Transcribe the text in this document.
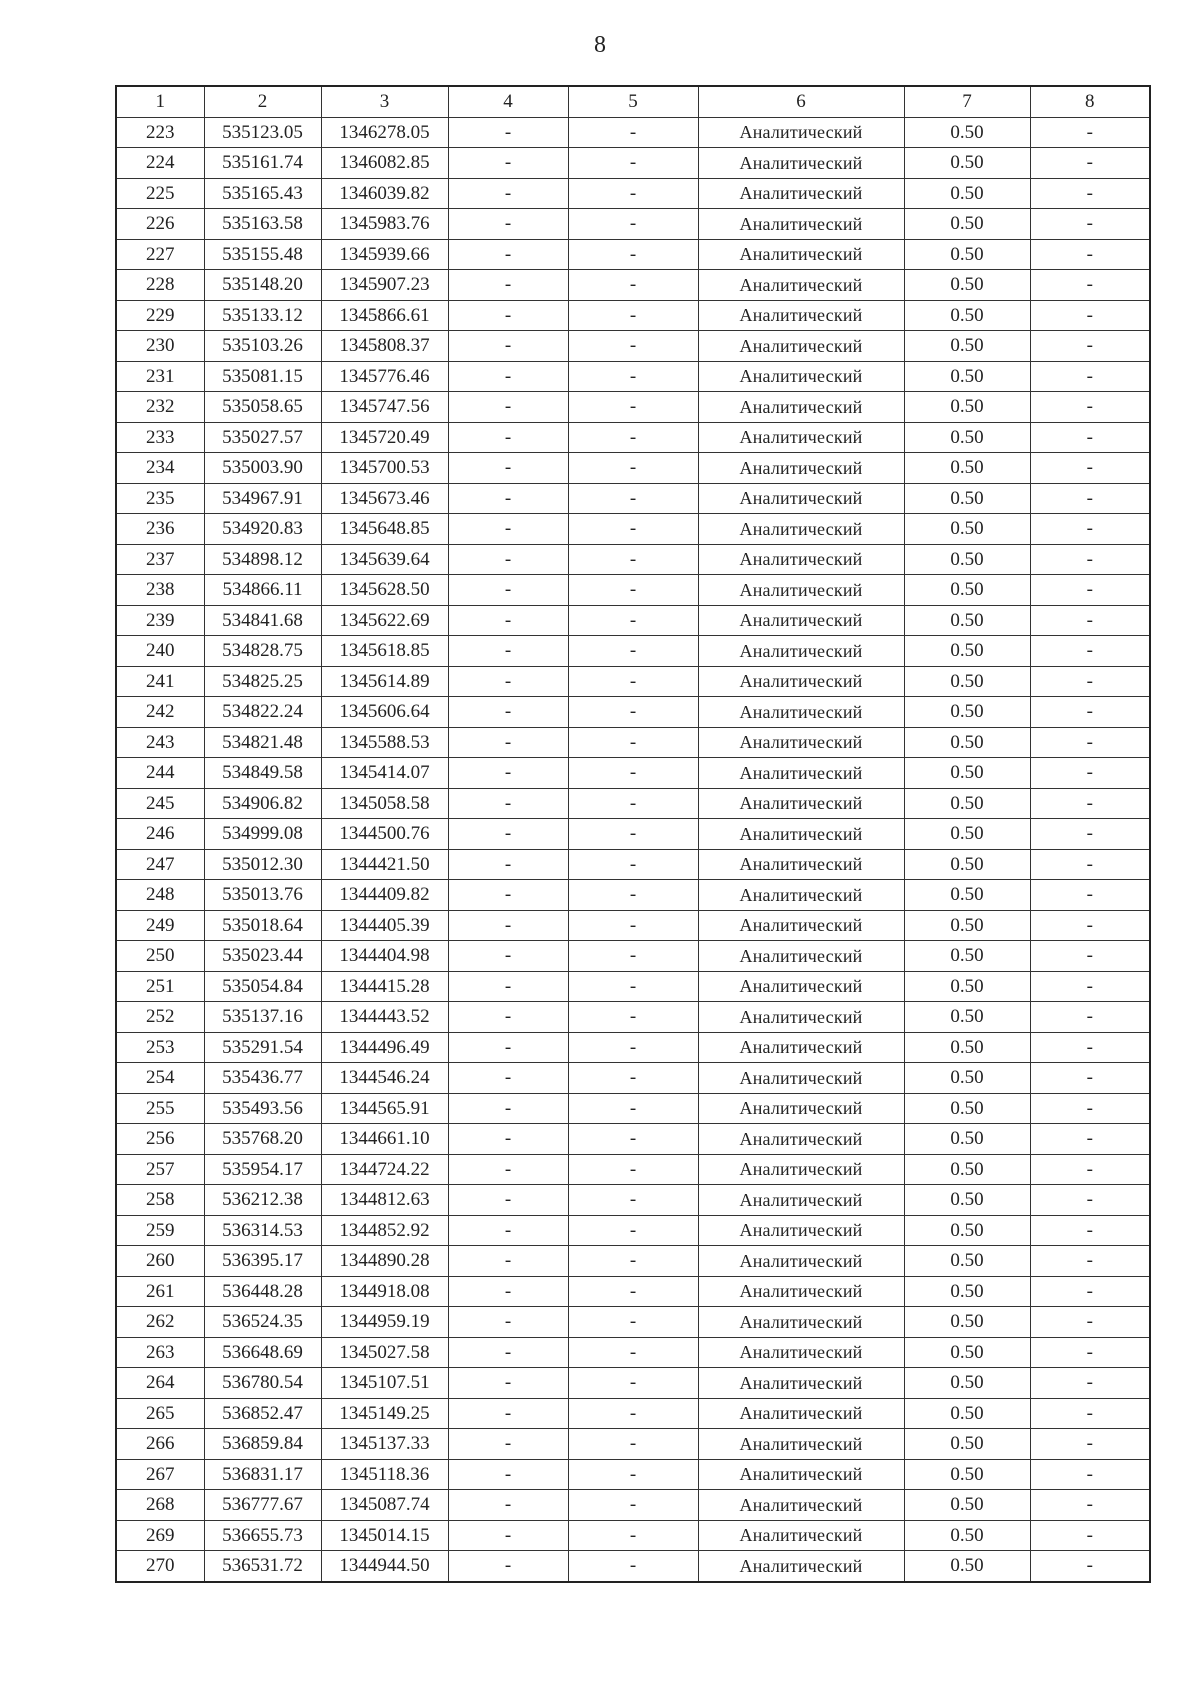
8
1	2	3	4	5	6	7	8
223	535123.05	1346278.05	-	-	Аналитический	0.50	-
224	535161.74	1346082.85	-	-	Аналитический	0.50	-
225	535165.43	1346039.82	-	-	Аналитический	0.50	-
226	535163.58	1345983.76	-	-	Аналитический	0.50	-
227	535155.48	1345939.66	-	-	Аналитический	0.50	-
228	535148.20	1345907.23	-	-	Аналитический	0.50	-
229	535133.12	1345866.61	-	-	Аналитический	0.50	-
230	535103.26	1345808.37	-	-	Аналитический	0.50	-
231	535081.15	1345776.46	-	-	Аналитический	0.50	-
232	535058.65	1345747.56	-	-	Аналитический	0.50	-
233	535027.57	1345720.49	-	-	Аналитический	0.50	-
234	535003.90	1345700.53	-	-	Аналитический	0.50	-
235	534967.91	1345673.46	-	-	Аналитический	0.50	-
236	534920.83	1345648.85	-	-	Аналитический	0.50	-
237	534898.12	1345639.64	-	-	Аналитический	0.50	-
238	534866.11	1345628.50	-	-	Аналитический	0.50	-
239	534841.68	1345622.69	-	-	Аналитический	0.50	-
240	534828.75	1345618.85	-	-	Аналитический	0.50	-
241	534825.25	1345614.89	-	-	Аналитический	0.50	-
242	534822.24	1345606.64	-	-	Аналитический	0.50	-
243	534821.48	1345588.53	-	-	Аналитический	0.50	-
244	534849.58	1345414.07	-	-	Аналитический	0.50	-
245	534906.82	1345058.58	-	-	Аналитический	0.50	-
246	534999.08	1344500.76	-	-	Аналитический	0.50	-
247	535012.30	1344421.50	-	-	Аналитический	0.50	-
248	535013.76	1344409.82	-	-	Аналитический	0.50	-
249	535018.64	1344405.39	-	-	Аналитический	0.50	-
250	535023.44	1344404.98	-	-	Аналитический	0.50	-
251	535054.84	1344415.28	-	-	Аналитический	0.50	-
252	535137.16	1344443.52	-	-	Аналитический	0.50	-
253	535291.54	1344496.49	-	-	Аналитический	0.50	-
254	535436.77	1344546.24	-	-	Аналитический	0.50	-
255	535493.56	1344565.91	-	-	Аналитический	0.50	-
256	535768.20	1344661.10	-	-	Аналитический	0.50	-
257	535954.17	1344724.22	-	-	Аналитический	0.50	-
258	536212.38	1344812.63	-	-	Аналитический	0.50	-
259	536314.53	1344852.92	-	-	Аналитический	0.50	-
260	536395.17	1344890.28	-	-	Аналитический	0.50	-
261	536448.28	1344918.08	-	-	Аналитический	0.50	-
262	536524.35	1344959.19	-	-	Аналитический	0.50	-
263	536648.69	1345027.58	-	-	Аналитический	0.50	-
264	536780.54	1345107.51	-	-	Аналитический	0.50	-
265	536852.47	1345149.25	-	-	Аналитический	0.50	-
266	536859.84	1345137.33	-	-	Аналитический	0.50	-
267	536831.17	1345118.36	-	-	Аналитический	0.50	-
268	536777.67	1345087.74	-	-	Аналитический	0.50	-
269	536655.73	1345014.15	-	-	Аналитический	0.50	-
270	536531.72	1344944.50	-	-	Аналитический	0.50	-
